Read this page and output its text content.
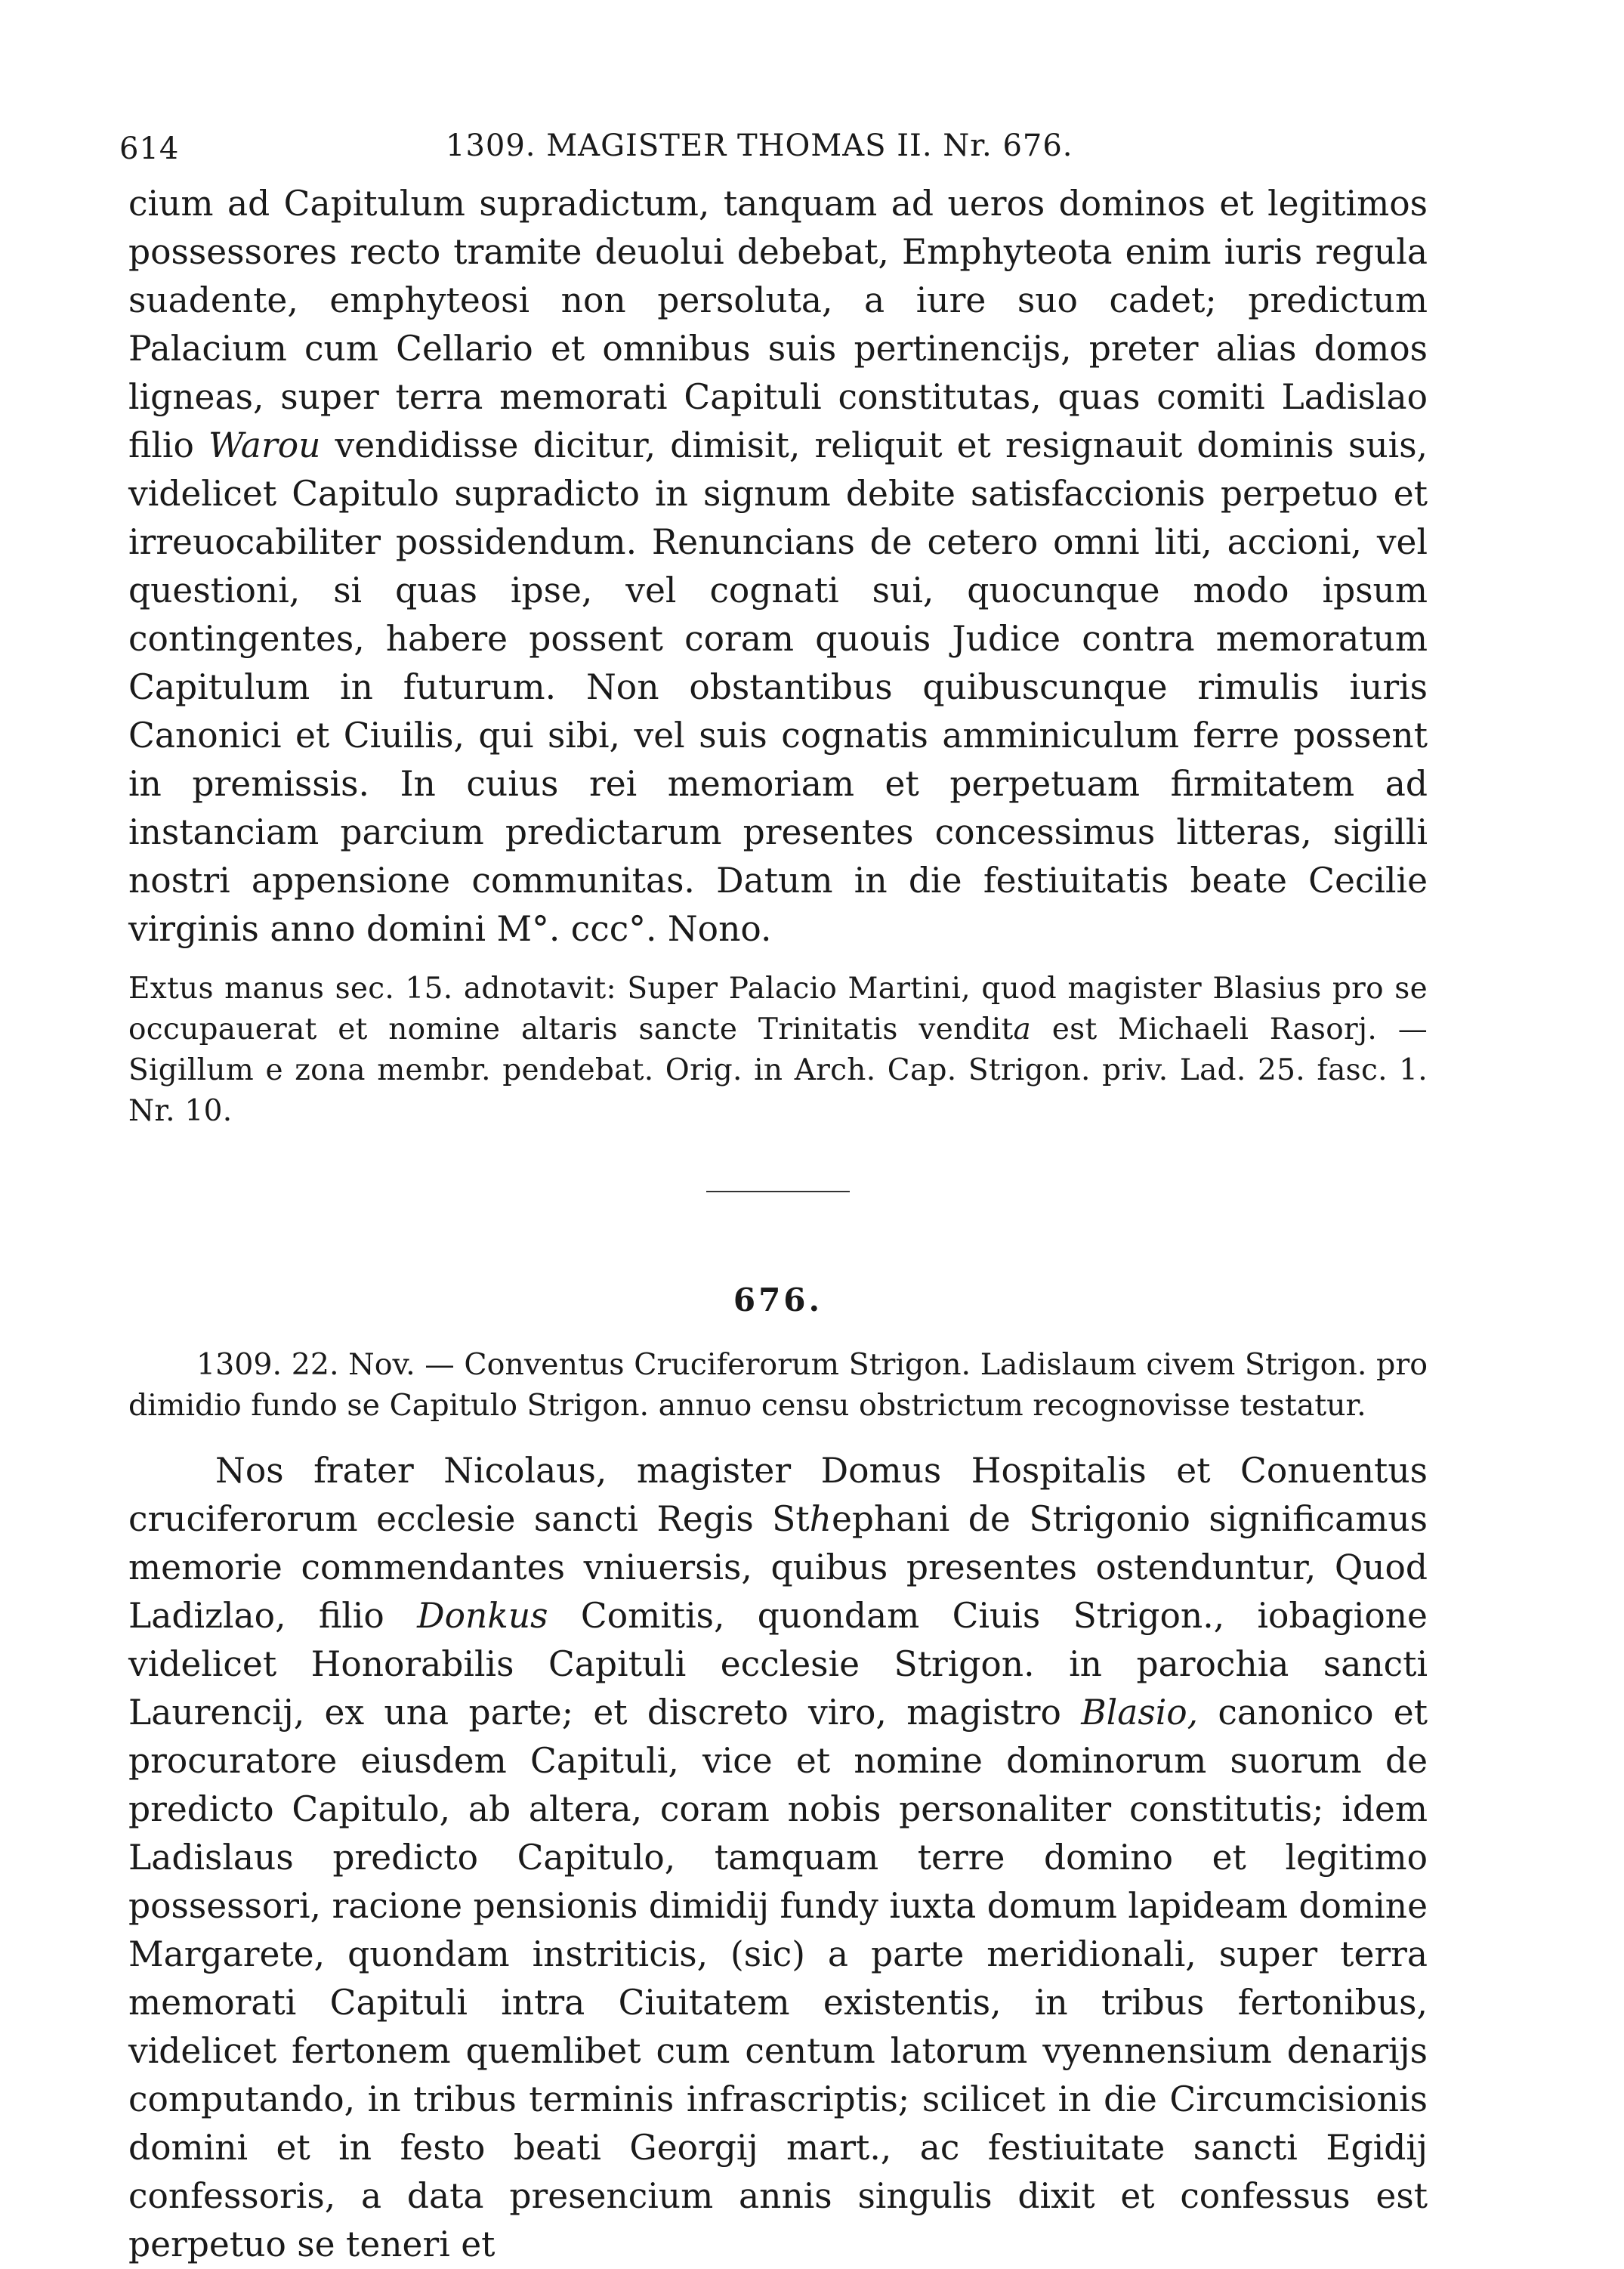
614	1309. MAGISTER THOMAS II. Nr. 676.

cium ad Capitulum supradictum, tanquam ad ueros dominos et legitimos possessores recto tramite deuolui debebat, Emphyteota enim iuris regula suadente, emphyteosi non persoluta, a iure suo cadet; predictum Palacium cum Cellario et omnibus suis pertinencijs, preter alias domos ligneas, super terra memorati Capituli constitutas, quas comiti Ladislao filio Warou vendidisse dicitur, dimisit, reliquit et resignauit dominis suis, videlicet Capitulo supradicto in signum debite satisfaccionis perpetuo et irreuocabiliter possidendum. Renuncians de cetero omni liti, accioni, vel questioni, si quas ipse, vel cognati sui, quocunque modo ipsum contingentes, habere possent coram quouis Judice contra memoratum Capitulum in futurum. Non obstantibus quibuscunque rimulis iuris Canonici et Ciuilis, qui sibi, vel suis cognatis amminiculum ferre possent in premissis. In cuius rei memoriam et perpetuam firmitatem ad instanciam parcium predictarum presentes concessimus litteras, sigilli nostri appensione communitas. Datum in die festiuitatis beate Cecilie virginis anno domini M°. ccc°. Nono.

Extus manus sec. 15. adnotavit: Super Palacio Martini, quod magister Blasius pro se occupauerat et nomine altaris sancte Trinitatis vendita est Michaeli Rasorj. — Sigillum e zona membr. pendebat. Orig. in Arch. Cap. Strigon. priv. Lad. 25. fasc. 1. Nr. 10.

676.

1309. 22. Nov. — Conventus Cruciferorum Strigon. Ladislaum civem Strigon. pro dimidio fundo se Capitulo Strigon. annuo censu obstrictum recognovisse testatur.

Nos frater Nicolaus, magister Domus Hospitalis et Conuentus cruciferorum ecclesie sancti Regis Sthephani de Strigonio significamus memorie commendantes vniuersis, quibus presentes ostenduntur, Quod Ladizlao, filio Donkus Comitis, quondam Ciuis Strigon., iobagione videlicet Honorabilis Capituli ecclesie Strigon. in parochia sancti Laurencij, ex una parte; et discreto viro, magistro Blasio, canonico et procuratore eiusdem Capituli, vice et nomine dominorum suorum de predicto Capitulo, ab altera, coram nobis personaliter constitutis; idem Ladislaus predicto Capitulo, tamquam terre domino et legitimo possessori, racione pensionis dimidij fundy iuxta domum lapideam domine Margarete, quondam instriticis, (sic) a parte meridionali, super terra memorati Capituli intra Ciuitatem existentis, in tribus fertonibus, videlicet fertonem quemlibet cum centum latorum vyennensium denarijs computando, in tribus terminis infrascriptis; scilicet in die Circumcisionis domini et in festo beati Georgij mart., ac festiuitate sancti Egidij confessoris, a data presencium annis singulis dixit et confessus est perpetuo se teneri et
